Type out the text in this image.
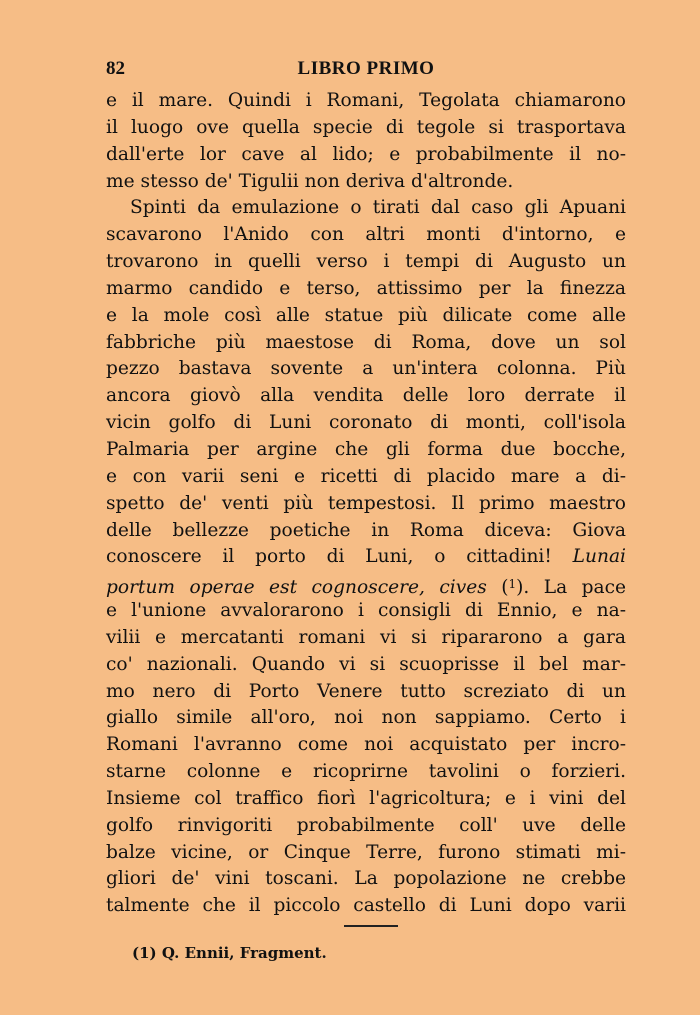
82	LIBRO PRIMO
e il mare. Quindi i Romani, Tegolata chiamarono
il luogo ove quella specie di tegole si trasportava
dall'erte lor cave al lido; e probabilmente il no-
me stesso de' Tigulii non deriva d'altronde.
Spinti da emulazione o tirati dal caso gli Apuani
scavarono l'Anido con altri monti d'intorno, e
trovarono in quelli verso i tempi di Augusto un
marmo candido e terso, attissimo per la finezza
e la mole così alle statue più dilicate come alle
fabbriche più maestose di Roma, dove un sol
pezzo bastava sovente a un'intera colonna. Più
ancora giovò alla vendita delle loro derrate il
vicin golfo di Luni coronato di monti, coll'isola
Palmaria per argine che gli forma due bocche,
e con varii seni e ricetti di placido mare a di-
spetto de' venti più tempestosi. Il primo maestro
delle bellezze poetiche in Roma diceva: Giova
conoscere il porto di Luni, o cittadini! Lunai
portum operae est cognoscere, cives ($^1$). La pace
e l'unione avvalorarono i consigli di Ennio, e na-
vilii e mercatanti romani vi si ripararono a gara
co' nazionali. Quando vi si scuoprisse il bel mar-
mo nero di Porto Venere tutto screziato di un
giallo simile all'oro, noi non sappiamo. Certo i
Romani l'avranno come noi acquistato per incro-
starne colonne e ricoprirne tavolini o forzieri.
Insieme col traffico fiorì l'agricoltura; e i vini del
golfo rinvigoriti probabilmente coll' uve delle
balze vicine, or Cinque Terre, furono stimati mi-
gliori de' vini toscani. La popolazione ne crebbe
talmente che il piccolo castello di Luni dopo varii
(1) Q. Ennii, Fragment.
